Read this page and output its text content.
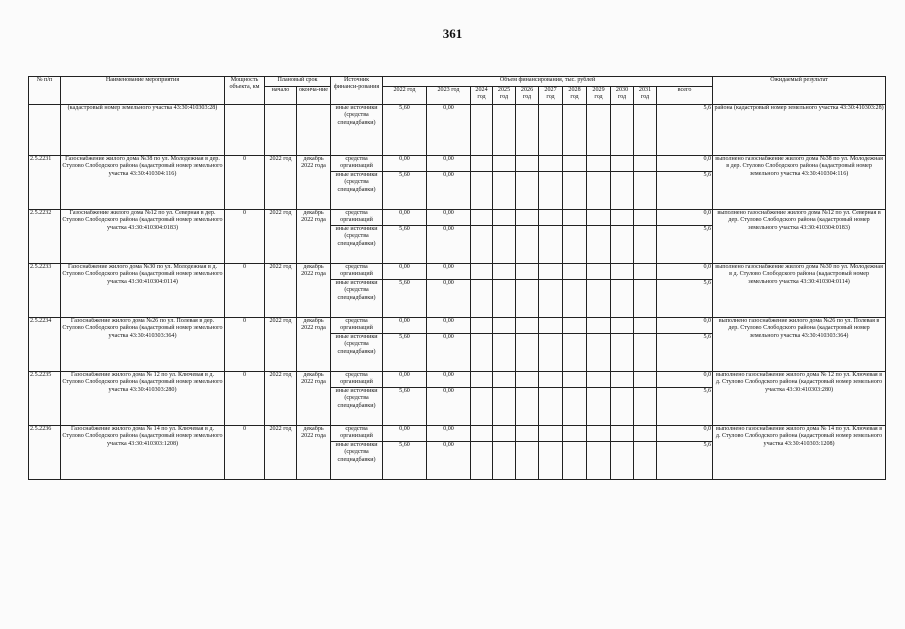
361
№ п/п	Наименование мероприятия	Мощность объекта, км	Плановый срок		Источник финанси-рования	Объем финансирования, тыс. рублей											Ожидаемый результат
			начало	оконча-ние		2022 год	2023 год	2024 год	2025 год	2026 год	2027 год	2028 год	2029 год	2030 год	2031 год	всего	
	(кадастровый номер земельного участка 43:30:410303:28)				иные источники (средства спецнадбавки)	5,60	0,00									5,6	района (кадастровый номер земельного участка 43:30:410303:28)
2.5.2231	Газоснабжение жилого дома №38 по ул. Молодежная в дер. Стулово Слободского района (кадастровый номер земельного участка 43:30:410304:116)	0	2022 год	декабрь 2022 года	средства организаций	0,00	0,00									0,0	выполнено газоснабжение жилого дома №38 по ул. Молодежная в дер. Стулово Слободского района (кадастровый номер земельного участка 43:30:410304:116)
					иные источники (средства спецнадбавки)	5,60	0,00									5,6	
2.5.2232	Газоснабжение жилого дома №12 по ул. Северная в дер. Стулово Слободского района (кадастровый номер земельного участка 43:30:410304:0183)	0	2022 год	декабрь 2022 года	средства организаций	0,00	0,00									0,0	выполнено газоснабжение жилого дома №12 по ул. Северная в дер. Стулово Слободского района (кадастровый номер земельного участка 43:30:410304:0183)
					иные источники (средства спецнадбавки)	5,60	0,00									5,6	
2.5.2233	Газоснабжение жилого дома №30 по ул. Молодежная в д. Стулово Слободского района (кадастровый номер земельного участка 43:30:410304:0114)	0	2022 год	декабрь 2022 года	средства организаций	0,00	0,00									0,0	выполнено газоснабжение жилого дома №30 по ул. Молодежная в д. Стулово Слободского района (кадастровый номер земельного участка 43:30:410304:0114)
					иные источники (средства спецнадбавки)	5,60	0,00									5,6	
2.5.2234	Газоснабжение жилого дома №26 по ул. Полевая в дер. Стулово Слободского района (кадастровый номер земельного участка 43:30:410303:364)	0	2022 год	декабрь 2022 года	средства организаций	0,00	0,00									0,0	выполнено газоснабжение жилого дома №26 по ул. Полевая в дер. Стулово Слободского района (кадастровый номер земельного участка 43:30:410303:364)
					иные источники (средства спецнадбавки)	5,60	0,00									5,6	
2.5.2235	Газоснабжение жилого дома № 12 по ул. Ключевая в д. Стулово Слободского района (кадастровый номер земельного участка 43:30:410303:280)	0	2022 год	декабрь 2022 года	средства организаций	0,00	0,00									0,0	выполнено газоснабжение жилого дома № 12 по ул. Ключевая в д. Стулово Слободского района (кадастровый номер земельного участка 43:30:410303:280)
					иные источники (средства спецнадбавки)	5,60	0,00									5,6	
2.5.2236	Газоснабжение жилого дома № 14 по ул. Ключевая в д. Стулово Слободского района (кадастровый номер земельного участка 43:30:410303:1208)	0	2022 год	декабрь 2022 года	средства организаций	0,00	0,00									0,0	выполнено газоснабжение жилого дома № 14 по ул. Ключевая в д. Стулово Слободского района (кадастровый номер земельного участка 43:30:410303:1208)
					иные источники (средства спецнадбавки)	5,60	0,00									5,6	
